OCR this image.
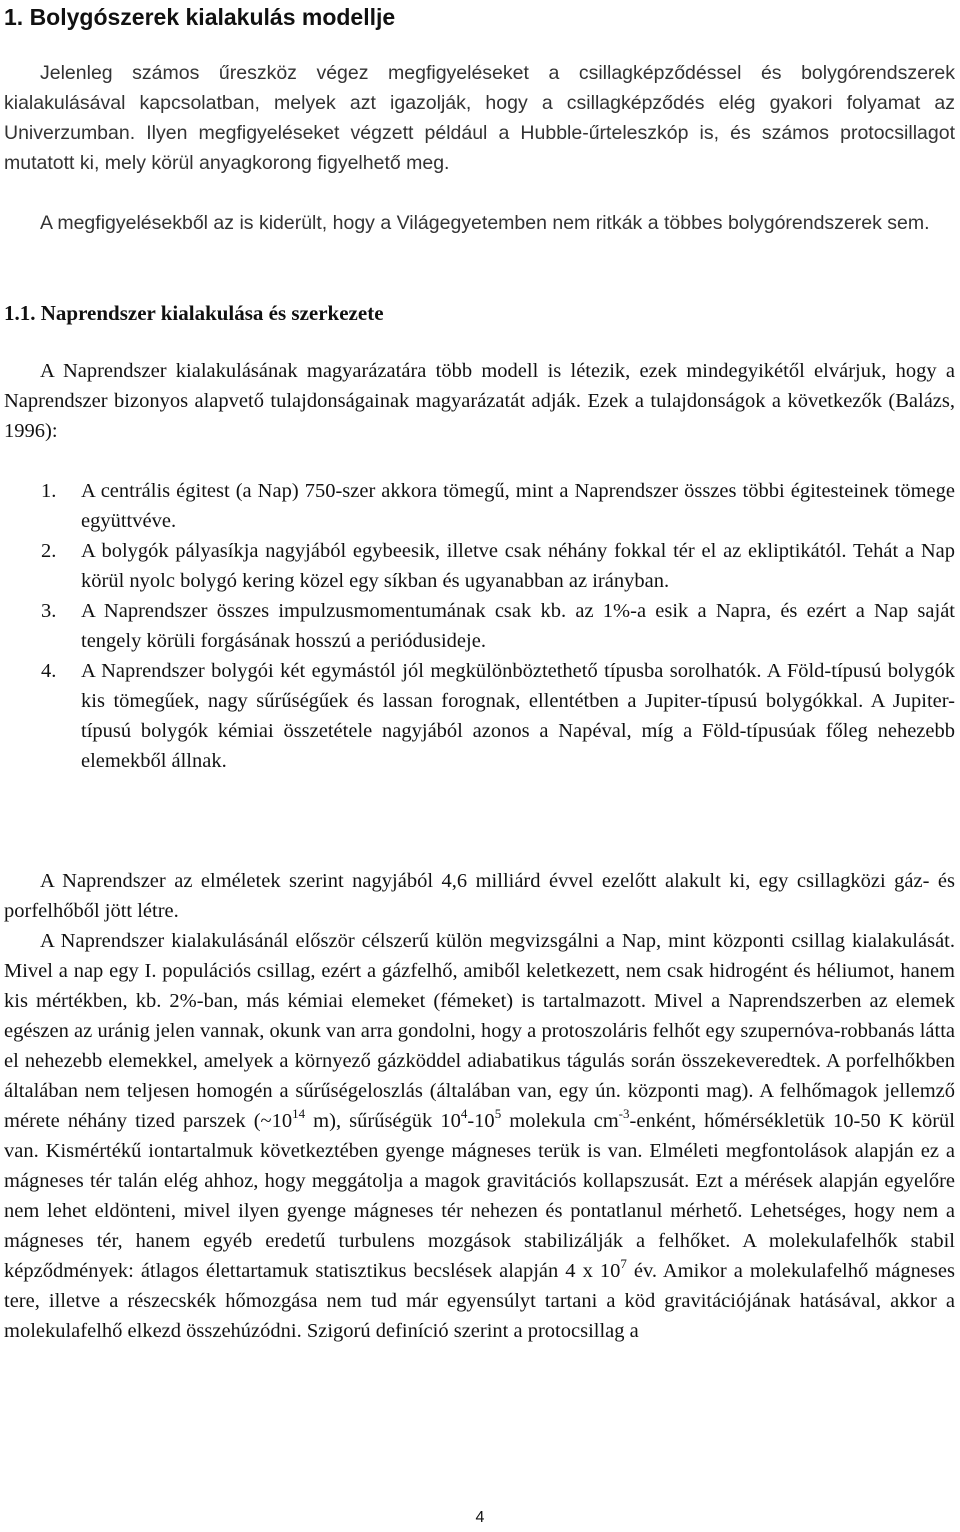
1. Bolygószerek kialakulás modellje

Jelenleg számos űreszköz végez megfigyeléseket a csillagképződéssel és bolygórendszerek kialakulásával kapcsolatban, melyek azt igazolják, hogy a csillagképződés elég gyakori folyamat az Univerzumban. Ilyen megfigyeléseket végzett például a Hubble-űrteleszkóp is, és számos protocsillagot mutatott ki, mely körül anyagkorong figyelhető meg.

A megfigyelésekből az is kiderült, hogy a Világegyetemben nem ritkák a többes bolygórendszerek sem.

1.1. Naprendszer kialakulása és szerkezete

A Naprendszer kialakulásának magyarázatára több modell is létezik, ezek mindegyikétől elvárjuk, hogy a Naprendszer bizonyos alapvető tulajdonságainak magyarázatát adják. Ezek a tulajdonságok a következők (Balázs, 1996):

1. A centrális égitest (a Nap) 750-szer akkora tömegű, mint a Naprendszer összes többi égitesteinek tömege együttvéve.
2. A bolygók pályasíkja nagyjából egybeesik, illetve csak néhány fokkal tér el az ekliptikától. Tehát a Nap körül nyolc bolygó kering közel egy síkban és ugyanabban az irányban.
3. A Naprendszer összes impulzusmomentumának csak kb. az 1%-a esik a Napra, és ezért a Nap saját tengely körüli forgásának hosszú a periódusideje.
4. A Naprendszer bolygói két egymástól jól megkülönböztethető típusba sorolhatók. A Föld-típusú bolygók kis tömegűek, nagy sűrűségűek és lassan forognak, ellentétben a Jupiter-típusú bolygókkal. A Jupiter-típusú bolygók kémiai összetétele nagyjából azonos a Napéval, míg a Föld-típusúak főleg nehezebb elemekből állnak.

A Naprendszer az elméletek szerint nagyjából 4,6 milliárd évvel ezelőtt alakult ki, egy csillagközi gáz- és porfelhőből jött létre.

A Naprendszer kialakulásánál először célszerű külön megvizsgálni a Nap, mint központi csillag kialakulását. Mivel a nap egy I. populációs csillag, ezért a gázfelhő, amiből keletkezett, nem csak hidrogént és héliumot, hanem kis mértékben, kb. 2%-ban, más kémiai elemeket (fémeket) is tartalmazott. Mivel a Naprendszerben az elemek egészen az uránig jelen vannak, okunk van arra gondolni, hogy a protoszoláris felhőt egy szupernóva-robbanás látta el nehezebb elemekkel, amelyek a környező gázköddel adiabatikus tágulás során összekeveredtek. A porfelhőkben általában nem teljesen homogén a sűrűségeloszlás (általában van, egy ún. központi mag). A felhőmagok jellemző mérete néhány tized parszek ($\sim 10^{14}$ m), sűrűségük $10^4-10^5$ molekula $cm^{-3}$-enként, hőmérsékletük 10-50 K körül van. Kismértékű iontartalmuk következtében gyenge mágneses terük is van. Elméleti megfontolások alapján ez a mágneses tér talán elég ahhoz, hogy meggátolja a magok gravitációs kollapszusát. Ezt a mérések alapján egyelőre nem lehet eldönteni, mivel ilyen gyenge mágneses tér nehezen és pontatlanul mérhető. Lehetséges, hogy nem a mágneses tér, hanem egyéb eredetű turbulens mozgások stabilizálják a felhőket. A molekulafelhők stabil képződmények: átlagos élettartamuk statisztikus becslések alapján 4 x $10^7$ év. Amikor a molekulafelhő mágneses tere, illetve a részecskék hőmozgása nem tud már egyensúlyt tartani a köd gravitációjának hatásával, akkor a molekulafelhő elkezd összehúzódni. Szigorú definíció szerint a protocsillag a

4
